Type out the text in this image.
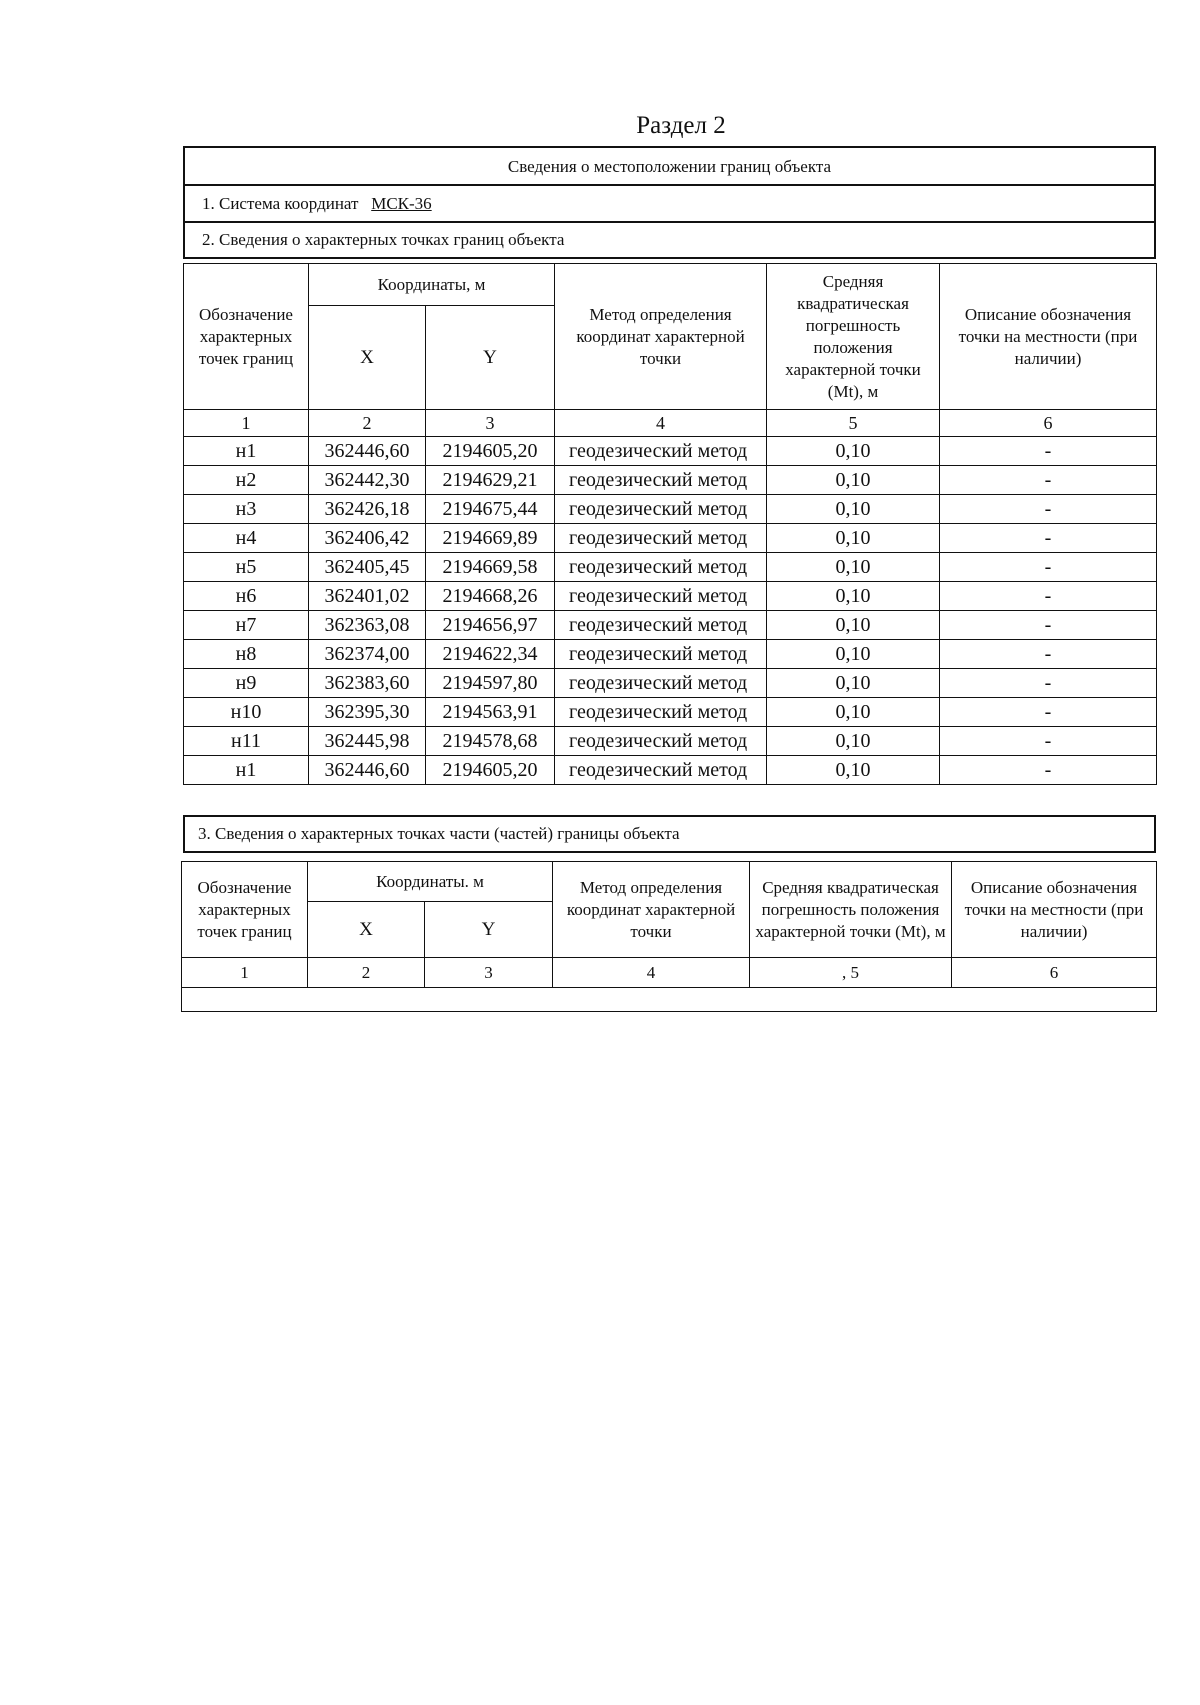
Раздел 2
Сведения о местоположении границ объекта
1. Система координат МСК-36
2. Сведения о характерных точках границ объекта
Обозначение характерных точек границ	Координаты, м		Метод определения координат характерной точки	Средняя квадратическая погрешность положения характерной точки (Mt), м	Описание обозначения точки на местности (при наличии)
	X	Y			
1	2	3	4	5	6
н1	362446,60	2194605,20	геодезический метод	0,10	-
н2	362442,30	2194629,21	геодезический метод	0,10	-
н3	362426,18	2194675,44	геодезический метод	0,10	-
н4	362406,42	2194669,89	геодезический метод	0,10	-
н5	362405,45	2194669,58	геодезический метод	0,10	-
н6	362401,02	2194668,26	геодезический метод	0,10	-
н7	362363,08	2194656,97	геодезический метод	0,10	-
н8	362374,00	2194622,34	геодезический метод	0,10	-
н9	362383,60	2194597,80	геодезический метод	0,10	-
н10	362395,30	2194563,91	геодезический метод	0,10	-
н11	362445,98	2194578,68	геодезический метод	0,10	-
н1	362446,60	2194605,20	геодезический метод	0,10	-
3. Сведения о характерных точках части (частей) границы объекта
Обозначение характерных точек границ	Координаты. м		Метод определения координат характерной точки	Средняя квадратическая погрешность положения характерной точки (Mt), м	Описание обозначения точки на местности (при наличии)
	X	Y			
1	2	3	4	, 5	6
